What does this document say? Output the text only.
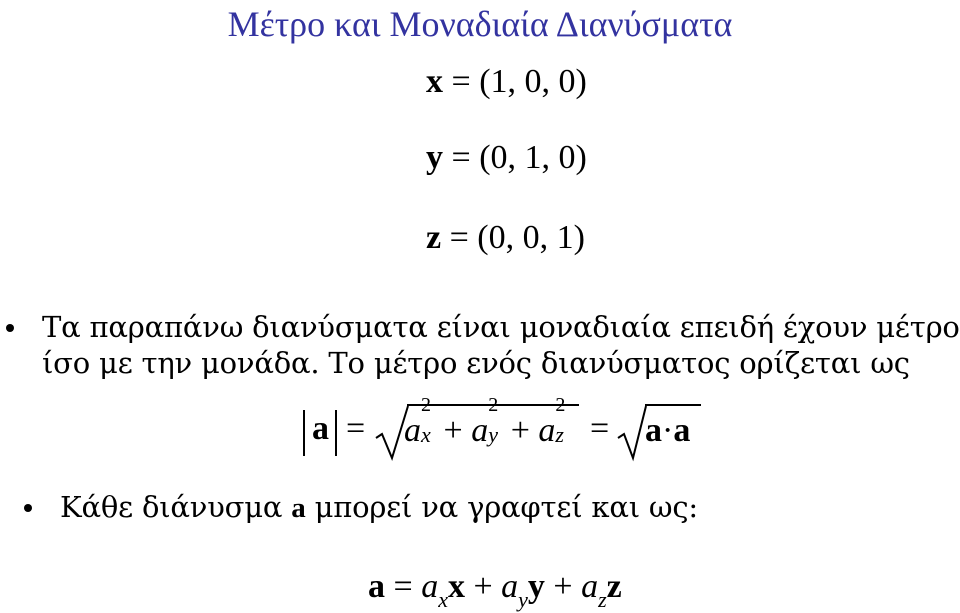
Μέτρο και Μοναδιαία Διανύσματα
x = (1, 0, 0)
y = (0, 1, 0)
z = (0, 0, 1)
Τα παραπάνω διανύσματα είναι μοναδιαία επειδή έχουν μέτρο
ίσο με την μονάδα. Το μέτρο ενός διανύσματος ορίζεται ως
a = a
2
x + a
2
y + a
2
z
= a·a
Κάθε διάνυσμα a μπορεί να γραφτεί και ως:
$a = a_xx + a_yy + a_zz$
